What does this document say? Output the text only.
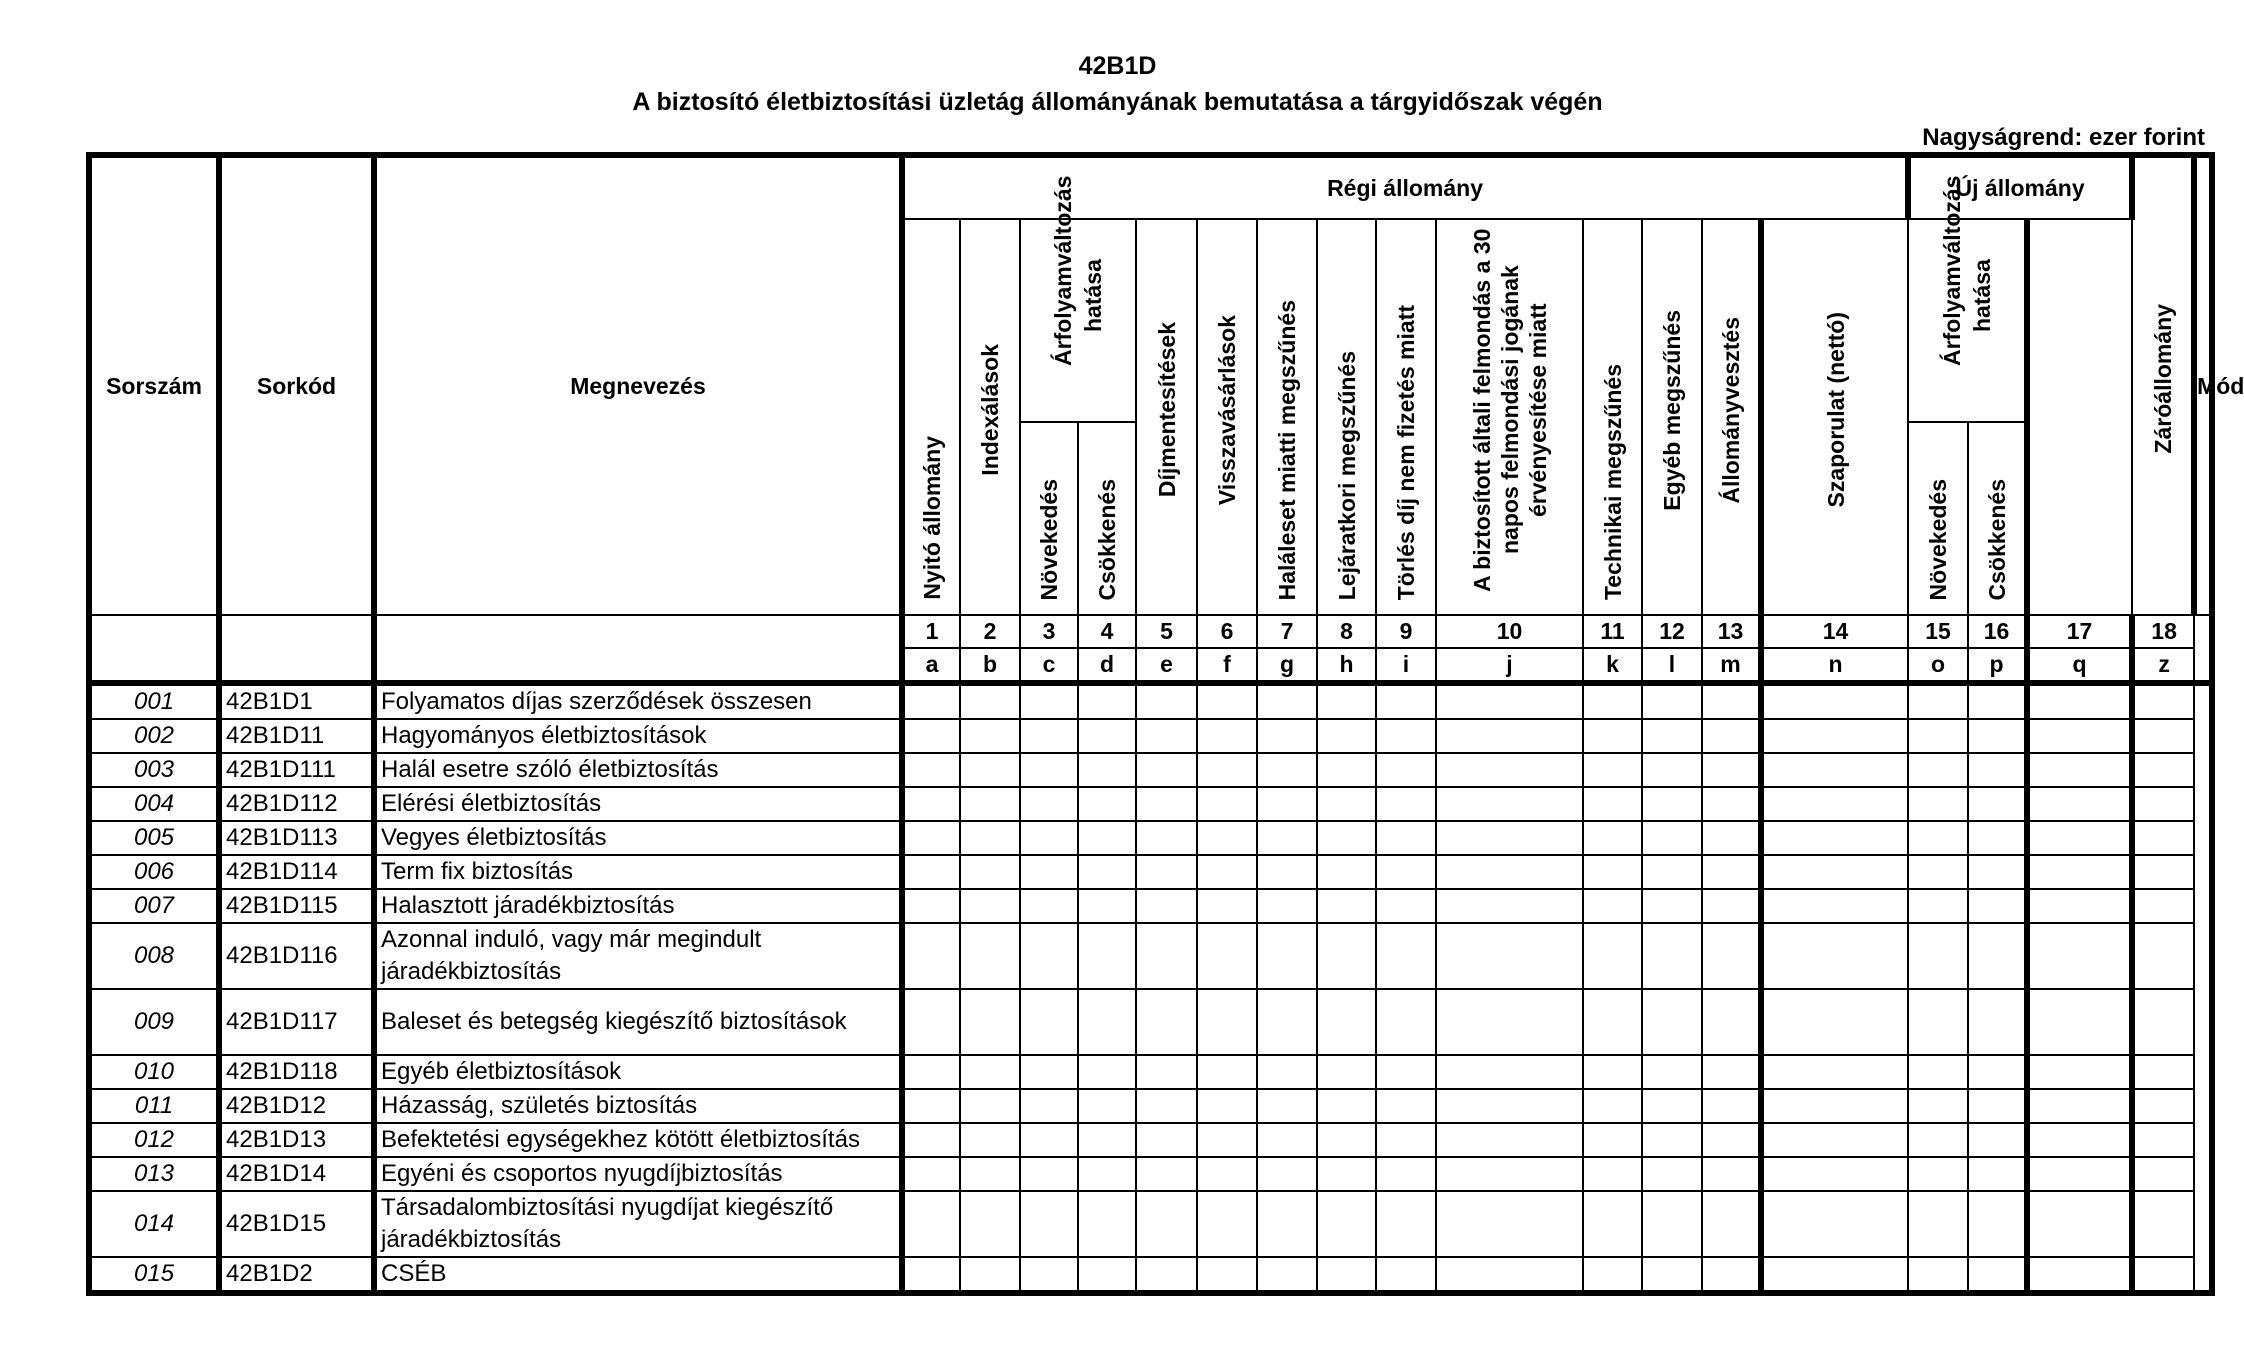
42B1D
A biztosító életbiztosítási üzletág állományának bemutatása a tárgyidőszak végén
Nagyságrend: ezer forint
Sorszám	Sorkód	Megnevezés	Régi állomány														Új állomány			Záróállomány	Mód
			Nyitó állomány	Indexálások	Árfolyamváltozás hatása		Díjmentesítések	Visszavásárlások	Haláleset miatti megszűnés	Lejáratkori megszűnés	Törlés díj nem fizetés miatt	A biztosított általi felmondás a 30 napos felmondási jogának érvényesítése miatt	Technikai megszűnés	Egyéb megszűnés	Állományvesztés	Szaporulat (nettó)	Árfolyamváltozás hatása				
					Növekedés	Csökkenés											Növekedés	Csökkenés			

			1	2	3	4	5	6	7	8	9	10	11	12	13	14	15	16	17	18	
			a	b	c	d	e	f	g	h	i	j	k	l	m	n	o	p	q	z	
001	42B1D1	Folyamatos díjas szerződések összesen																			
002	42B1D11	Hagyományos életbiztosítások																			
003	42B1D111	Halál esetre szóló életbiztosítás																			
004	42B1D112	Elérési életbiztosítás																			
005	42B1D113	Vegyes életbiztosítás																			
006	42B1D114	Term fix biztosítás																			
007	42B1D115	Halasztott járadékbiztosítás																			
008	42B1D116	Azonnal induló, vagy már megindult járadékbiztosítás																			
009	42B1D117	Baleset és betegség kiegészítő biztosítások																			
010	42B1D118	Egyéb életbiztosítások																			
011	42B1D12	Házasság, születés biztosítás																			
012	42B1D13	Befektetési egységekhez kötött életbiztosítás																			
013	42B1D14	Egyéni és csoportos nyugdíjbiztosítás																			
014	42B1D15	Társadalombiztosítási nyugdíjat kiegészítő járadékbiztosítás																			
015	42B1D2	CSÉB																			
